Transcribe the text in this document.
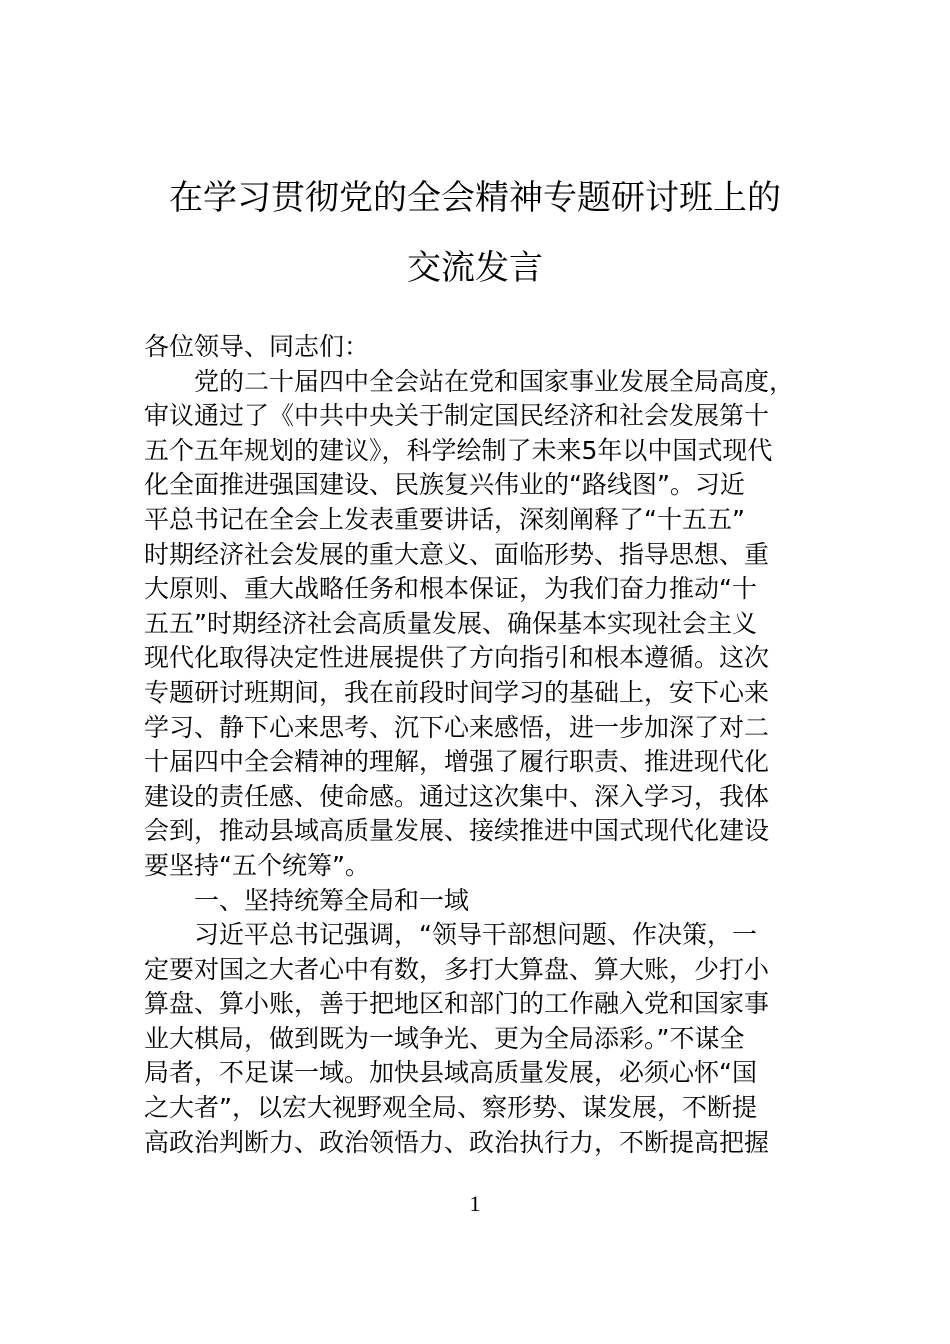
在学习贯彻党的全会精神专题研讨班上的
交流发言
各位领导、同志们：
党的二十届四中全会站在党和国家事业发展全局高度，
审议通过了《中共中央关于制定国民经济和社会发展第十
五个五年规划的建议》，科学绘制了未来5年以中国式现代
化全面推进强国建设、民族复兴伟业的“路线图”。习近
平总书记在全会上发表重要讲话，深刻阐释了“十五五”
时期经济社会发展的重大意义、面临形势、指导思想、重
大原则、重大战略任务和根本保证，为我们奋力推动“十
五五”时期经济社会高质量发展、确保基本实现社会主义
现代化取得决定性进展提供了方向指引和根本遵循。这次
专题研讨班期间，我在前段时间学习的基础上，安下心来
学习、静下心来思考、沉下心来感悟，进一步加深了对二
十届四中全会精神的理解，增强了履行职责、推进现代化
建设的责任感、使命感。通过这次集中、深入学习，我体
会到，推动县域高质量发展、接续推进中国式现代化建设
要坚持“五个统筹”。
一、坚持统筹全局和一域
习近平总书记强调，“领导干部想问题、作决策，一
定要对国之大者心中有数，多打大算盘、算大账，少打小
算盘、算小账，善于把地区和部门的工作融入党和国家事
业大棋局，做到既为一域争光、更为全局添彩。”不谋全
局者，不足谋一域。加快县域高质量发展，必须心怀“国
之大者”，以宏大视野观全局、察形势、谋发展，不断提
高政治判断力、政治领悟力、政治执行力，不断提高把握
1
